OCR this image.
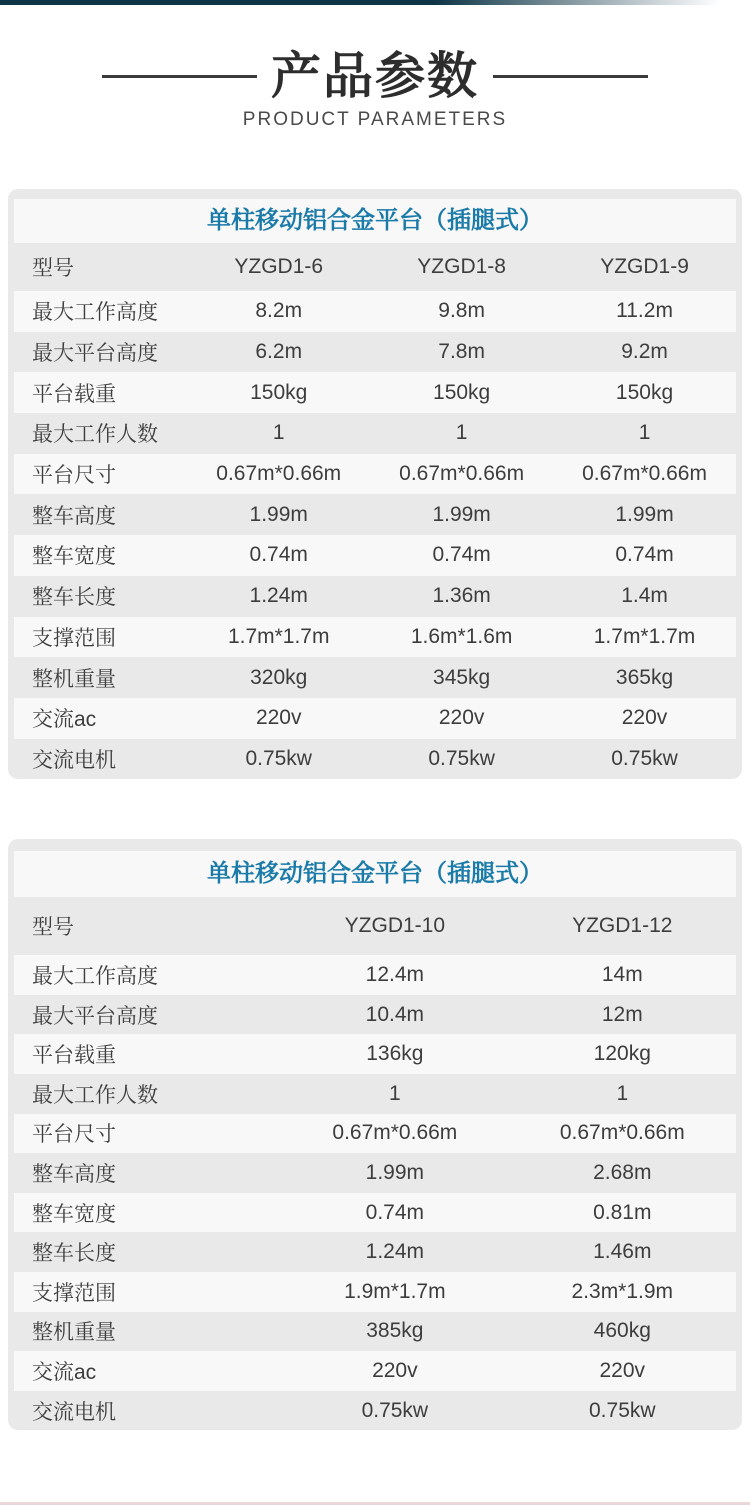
产品参数
PRODUCT PARAMETERS
单柱移动铝合金平台（插腿式）
型号	YZGD1-6	YZGD1-8	YZGD1-9
最大工作高度	8.2m	9.8m	11.2m
最大平台高度	6.2m	7.8m	9.2m
平台载重	150kg	150kg	150kg
最大工作人数	1	1	1
平台尺寸	0.67m*0.66m	0.67m*0.66m	0.67m*0.66m
整车高度	1.99m	1.99m	1.99m
整车宽度	0.74m	0.74m	0.74m
整车长度	1.24m	1.36m	1.4m
支撑范围	1.7m*1.7m	1.6m*1.6m	1.7m*1.7m
整机重量	320kg	345kg	365kg
交流ac	220v	220v	220v
交流电机	0.75kw	0.75kw	0.75kw
单柱移动铝合金平台（插腿式）
型号	YZGD1-10	YZGD1-12
最大工作高度	12.4m	14m
最大平台高度	10.4m	12m
平台载重	136kg	120kg
最大工作人数	1	1
平台尺寸	0.67m*0.66m	0.67m*0.66m
整车高度	1.99m	2.68m
整车宽度	0.74m	0.81m
整车长度	1.24m	1.46m
支撑范围	1.9m*1.7m	2.3m*1.9m
整机重量	385kg	460kg
交流ac	220v	220v
交流电机	0.75kw	0.75kw
